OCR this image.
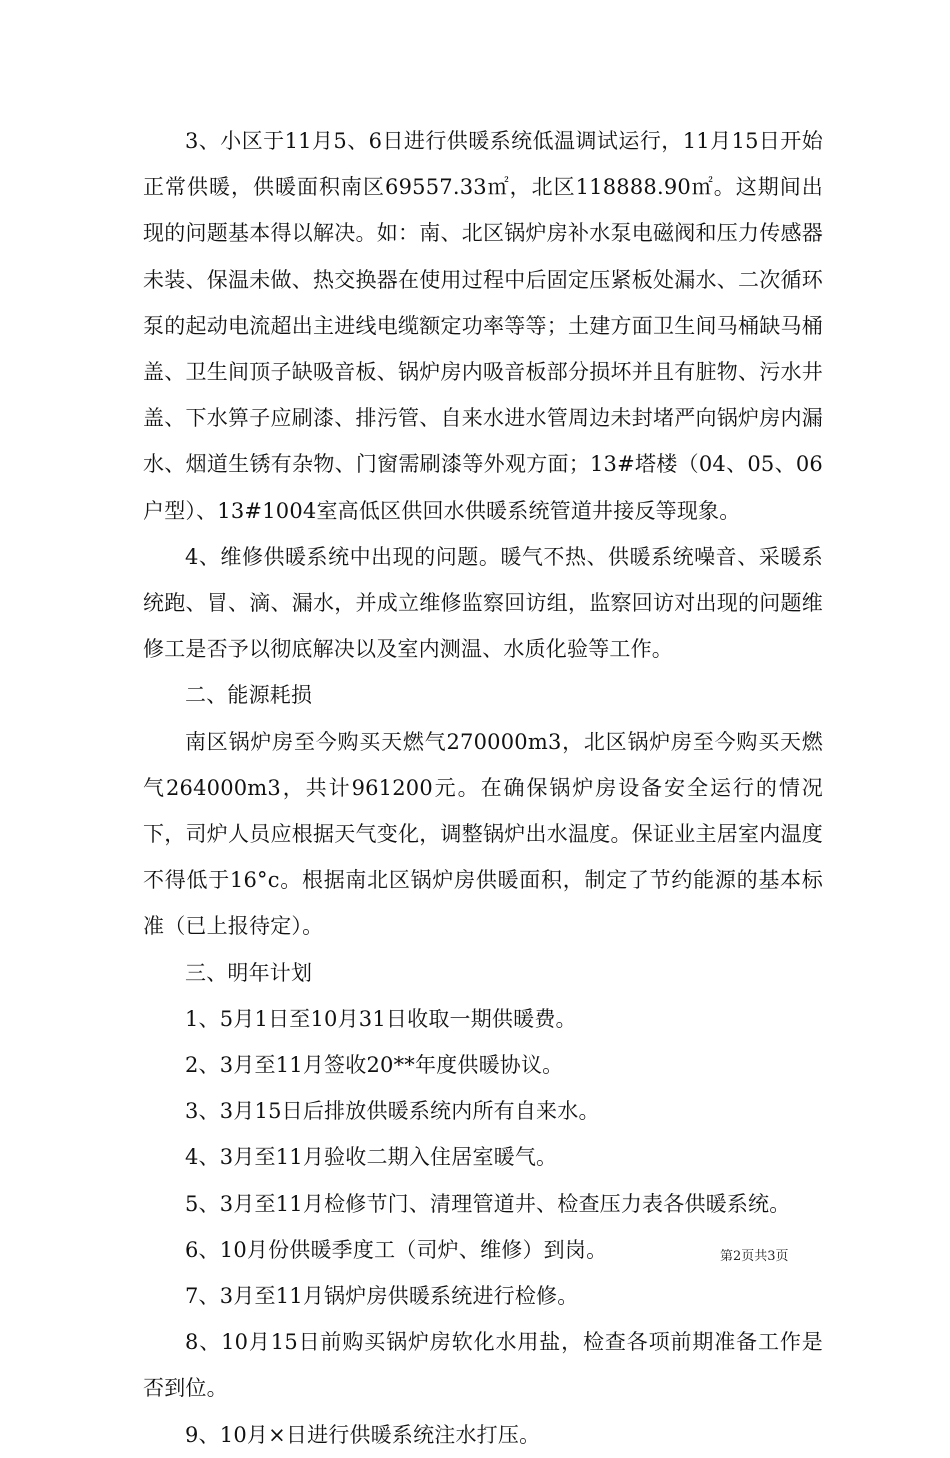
3、小区于11月5、6日进行供暖系统低温调试运行，11月15日开始正常供暖，供暖面积南区69557.33㎡，北区118888.90㎡。这期间出现的问题基本得以解决。如：南、北区锅炉房补水泵电磁阀和压力传感器未装、保温未做、热交换器在使用过程中后固定压紧板处漏水、二次循环泵的起动电流超出主进线电缆额定功率等等；土建方面卫生间马桶缺马桶盖、卫生间顶子缺吸音板、锅炉房内吸音板部分损坏并且有脏物、污水井盖、下水箅子应刷漆、排污管、自来水进水管周边未封堵严向锅炉房内漏水、烟道生锈有杂物、门窗需刷漆等外观方面；13#塔楼（04、05、06户型）、13#1004室高低区供回水供暖系统管道井接反等现象。

4、维修供暖系统中出现的问题。暖气不热、供暖系统噪音、采暖系统跑、冒、滴、漏水，并成立维修监察回访组，监察回访对出现的问题维修工是否予以彻底解决以及室内测温、水质化验等工作。

二、能源耗损

南区锅炉房至今购买天燃气270000m3，北区锅炉房至今购买天燃气264000m3，共计961200元。在确保锅炉房设备安全运行的情况下，司炉人员应根据天气变化，调整锅炉出水温度。保证业主居室内温度不得低于16°c。根据南北区锅炉房供暖面积，制定了节约能源的基本标准（已上报待定）。

三、明年计划

1、5月1日至10月31日收取一期供暖费。

2、3月至11月签收20**年度供暖协议。

3、3月15日后排放供暖系统内所有自来水。

4、3月至11月验收二期入住居室暖气。

5、3月至11月检修节门、清理管道井、检查压力表各供暖系统。

6、10月份供暖季度工（司炉、维修）到岗。

7、3月至11月锅炉房供暖系统进行检修。

8、10月15日前购买锅炉房软化水用盐，检查各项前期准备工作是否到位。

9、10月×日进行供暖系统注水打压。

第2页共3页
